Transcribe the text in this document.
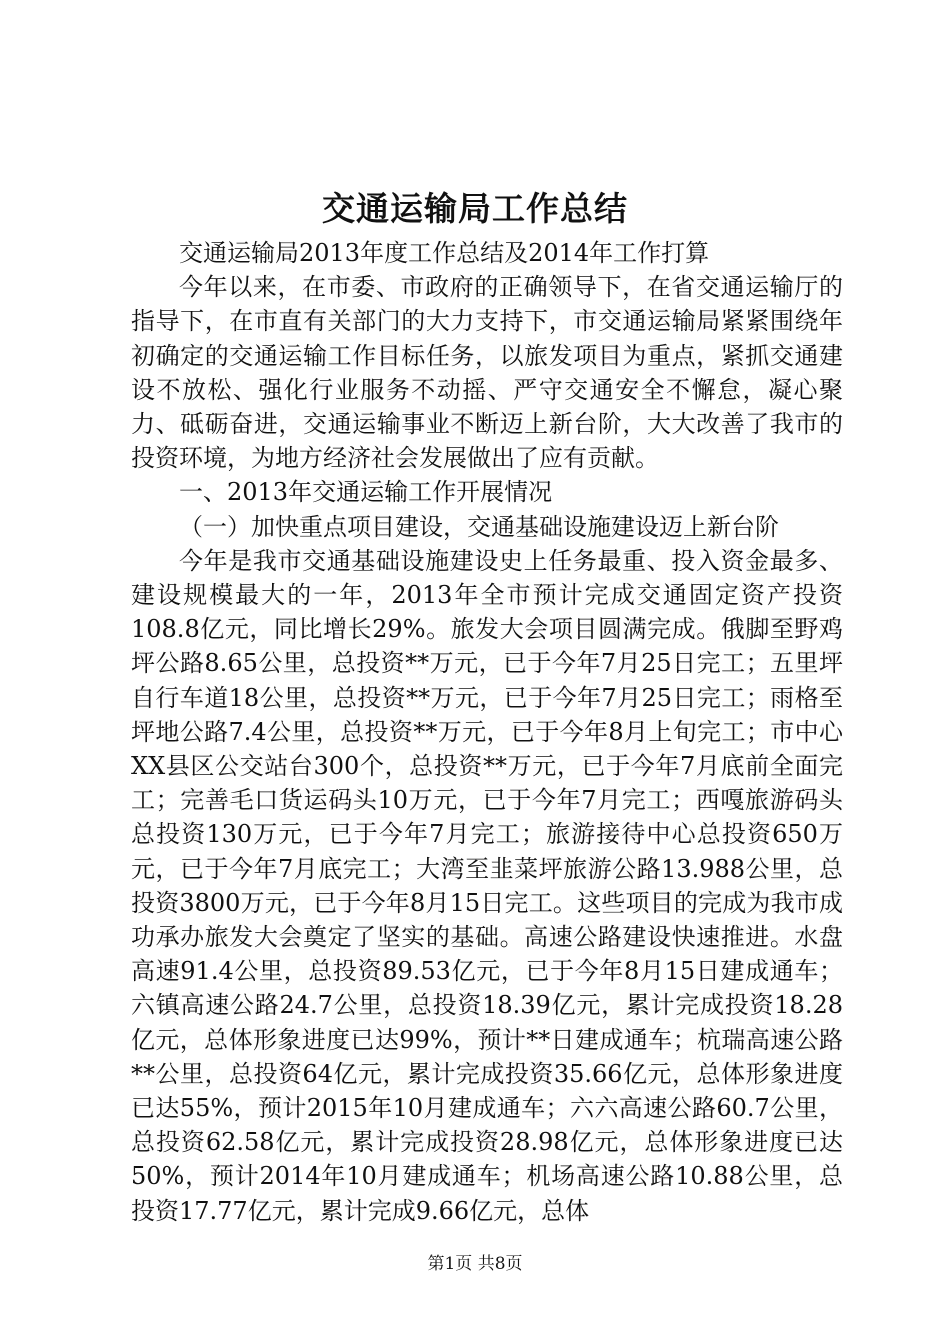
交通运输局工作总结

交通运输局2013年度工作总结及2014年工作打算

今年以来，在市委、市政府的正确领导下，在省交通运输厅的指导下，在市直有关部门的大力支持下，市交通运输局紧紧围绕年初确定的交通运输工作目标任务，以旅发项目为重点，紧抓交通建设不放松、强化行业服务不动摇、严守交通安全不懈怠，凝心聚力、砥砺奋进，交通运输事业不断迈上新台阶，大大改善了我市的投资环境，为地方经济社会发展做出了应有贡献。

一、2013年交通运输工作开展情况

（一）加快重点项目建设，交通基础设施建设迈上新台阶

今年是我市交通基础设施建设史上任务最重、投入资金最多、建设规模最大的一年，2013年全市预计完成交通固定资产投资108.8亿元，同比增长29%。旅发大会项目圆满完成。俄脚至野鸡坪公路8.65公里，总投资**万元，已于今年7月25日完工；五里坪自行车道18公里，总投资**万元，已于今年7月25日完工；雨格至坪地公路7.4公里，总投资**万元，已于今年8月上旬完工；市中心XX县区公交站台300个，总投资**万元，已于今年7月底前全面完工；完善毛口货运码头10万元，已于今年7月完工；西嘎旅游码头总投资130万元，已于今年7月完工；旅游接待中心总投资650万元，已于今年7月底完工；大湾至韭菜坪旅游公路13.988公里，总投资3800万元，已于今年8月15日完工。这些项目的完成为我市成功承办旅发大会奠定了坚实的基础。高速公路建设快速推进。水盘高速91.4公里，总投资89.53亿元，已于今年8月15日建成通车；六镇高速公路24.7公里，总投资18.39亿元，累计完成投资18.28亿元，总体形象进度已达99%，预计**日建成通车；杭瑞高速公路**公里，总投资64亿元，累计完成投资35.66亿元，总体形象进度已达55%，预计2015年10月建成通车；六六高速公路60.7公里，总投资62.58亿元，累计完成投资28.98亿元，总体形象进度已达50%，预计2014年10月建成通车；机场高速公路10.88公里，总投资17.77亿元，累计完成9.66亿元，总体

第1页 共8页
